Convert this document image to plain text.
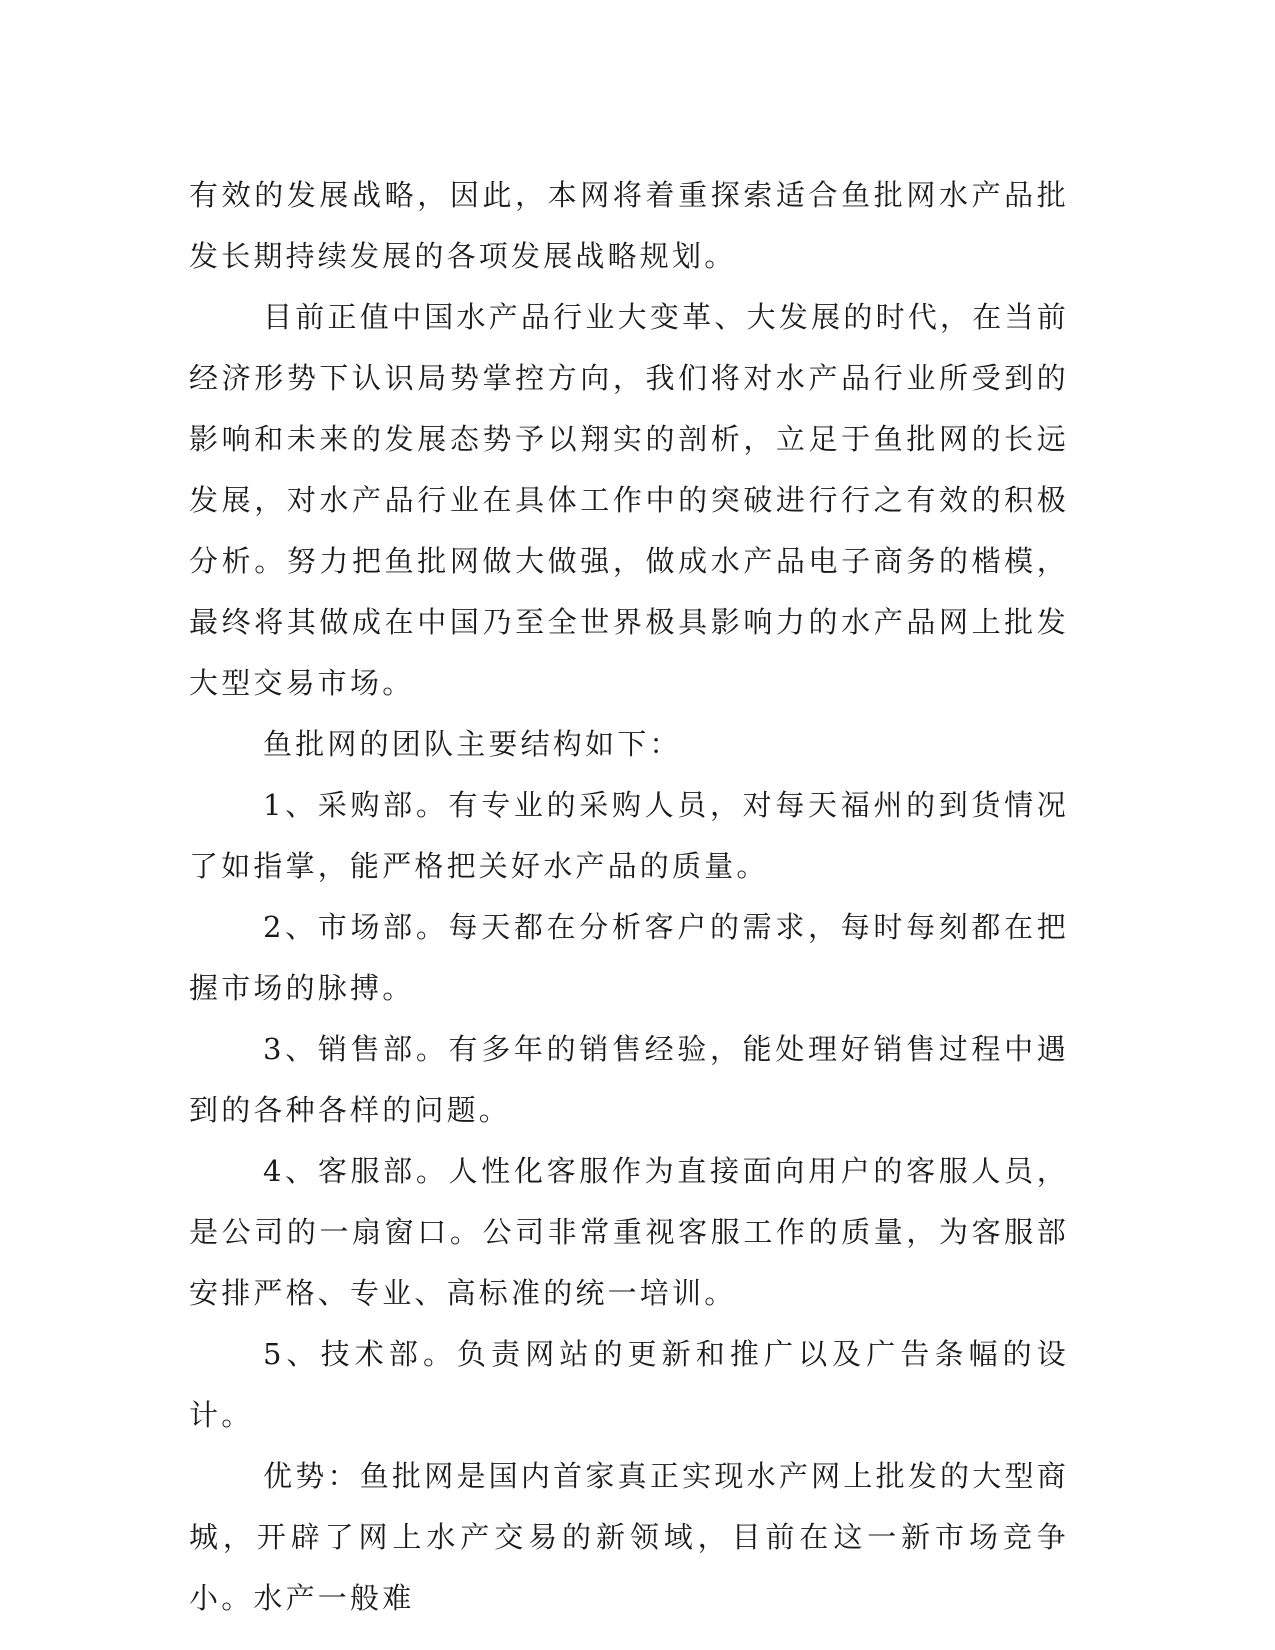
有效的发展战略，因此，本网将着重探索适合鱼批网水产品批发长期持续发展的各项发展战略规划。

目前正值中国水产品行业大变革、大发展的时代，在当前经济形势下认识局势掌控方向，我们将对水产品行业所受到的影响和未来的发展态势予以翔实的剖析，立足于鱼批网的长远发展，对水产品行业在具体工作中的突破进行行之有效的积极分析。努力把鱼批网做大做强，做成水产品电子商务的楷模，最终将其做成在中国乃至全世界极具影响力的水产品网上批发大型交易市场。

鱼批网的团队主要结构如下：

1、采购部。有专业的采购人员，对每天福州的到货情况了如指掌，能严格把关好水产品的质量。

2、市场部。每天都在分析客户的需求，每时每刻都在把握市场的脉搏。

3、销售部。有多年的销售经验，能处理好销售过程中遇到的各种各样的问题。

4、客服部。人性化客服作为直接面向用户的客服人员，是公司的一扇窗口。公司非常重视客服工作的质量，为客服部安排严格、专业、高标准的统一培训。

5、技术部。负责网站的更新和推广以及广告条幅的设计。

优势：鱼批网是国内首家真正实现水产网上批发的大型商城，开辟了网上水产交易的新领域，目前在这一新市场竞争小。水产一般难
